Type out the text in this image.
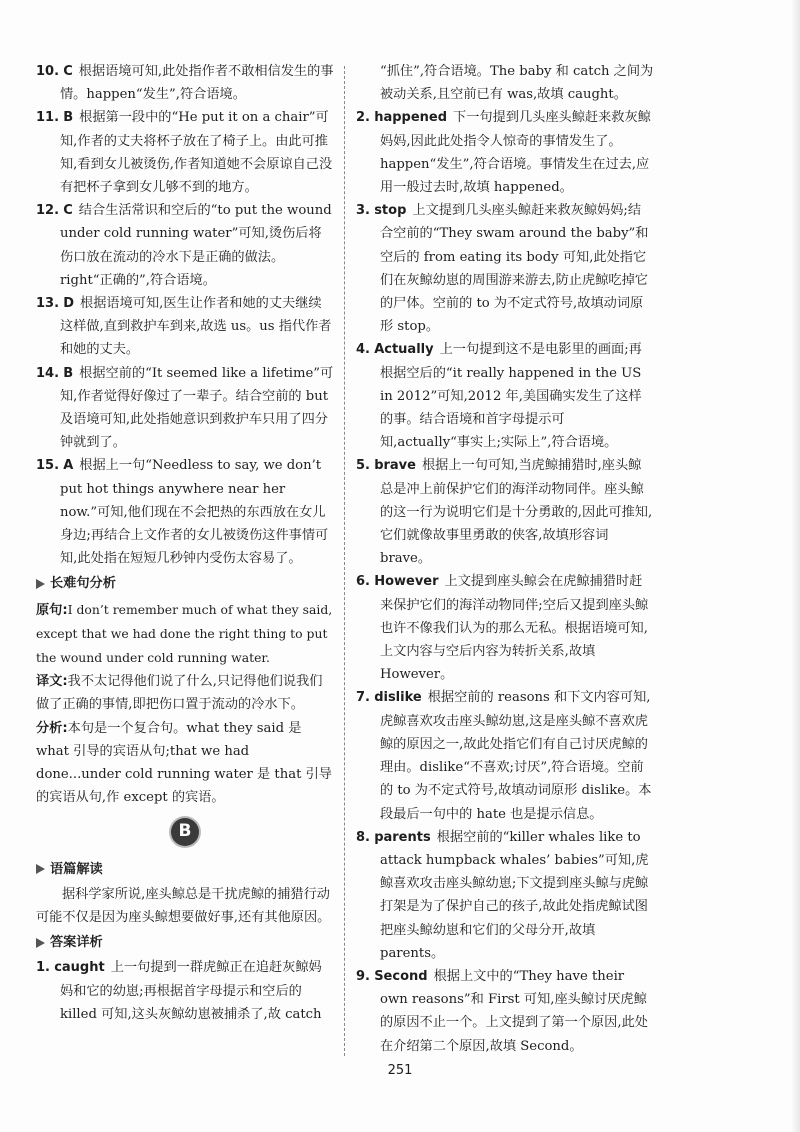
10. C 根据语境可知,此处指作者不敢相信发生的事情。happen“发生”,符合语境。

11. B 根据第一段中的“He put it on a chair”可知,作者的丈夫将杯子放在了椅子上。由此可推知,看到女儿被烫伤,作者知道她不会原谅自己没有把杯子拿到女儿够不到的地方。

12. C 结合生活常识和空后的“to put the wound under cold running water”可知,烫伤后将伤口放在流动的冷水下是正确的做法。right“正确的”,符合语境。

13. D 根据语境可知,医生让作者和她的丈夫继续这样做,直到救护车到来,故选 us。us 指代作者和她的丈夫。

14. B 根据空前的“It seemed like a lifetime”可知,作者觉得好像过了一辈子。结合空前的 but 及语境可知,此处指她意识到救护车只用了四分钟就到了。

15. A 根据上一句“Needless to say, we don’t put hot things anywhere near her now.”可知,他们现在不会把热的东西放在女儿身边;再结合上文作者的女儿被烫伤这件事情可知,此处指在短短几秒钟内受伤太容易了。

长难句分析

原句:I don’t remember much of what they said, except that we had done the right thing to put the wound under cold running water.

译文:我不太记得他们说了什么,只记得他们说我们做了正确的事情,即把伤口置于流动的冷水下。

分析:本句是一个复合句。what they said 是 what 引导的宾语从句;that we had done...under cold running water 是 that 引导的宾语从句,作 except 的宾语。

B
语篇解读

据科学家所说,座头鲸总是干扰虎鲸的捕猎行动可能不仅是因为座头鲸想要做好事,还有其他原因。

答案详析

1. caught 上一句提到一群虎鲸正在追赶灰鲸妈妈和它的幼崽;再根据首字母提示和空后的 killed 可知,这头灰鲸幼崽被捕杀了,故 catch

“抓住”,符合语境。The baby 和 catch 之间为被动关系,且空前已有 was,故填 caught。

2. happened 下一句提到几头座头鲸赶来救灰鲸妈妈,因此此处指令人惊奇的事情发生了。happen“发生”,符合语境。事情发生在过去,应用一般过去时,故填 happened。

3. stop 上文提到几头座头鲸赶来救灰鲸妈妈;结合空前的“They swam around the baby”和空后的 from eating its body 可知,此处指它们在灰鲸幼崽的周围游来游去,防止虎鲸吃掉它的尸体。空前的 to 为不定式符号,故填动词原形 stop。

4. Actually 上一句提到这不是电影里的画面;再根据空后的“it really happened in the US in 2012”可知,2012 年,美国确实发生了这样的事。结合语境和首字母提示可知,actually“事实上;实际上”,符合语境。

5. brave 根据上一句可知,当虎鲸捕猎时,座头鲸总是冲上前保护它们的海洋动物同伴。座头鲸的这一行为说明它们是十分勇敢的,因此可推知,它们就像故事里勇敢的侠客,故填形容词 brave。

6. However 上文提到座头鲸会在虎鲸捕猎时赶来保护它们的海洋动物同伴;空后又提到座头鲸也许不像我们认为的那么无私。根据语境可知,上文内容与空后内容为转折关系,故填 However。

7. dislike 根据空前的 reasons 和下文内容可知,虎鲸喜欢攻击座头鲸幼崽,这是座头鲸不喜欢虎鲸的原因之一,故此处指它们有自己讨厌虎鲸的理由。dislike“不喜欢;讨厌”,符合语境。空前的 to 为不定式符号,故填动词原形 dislike。本段最后一句中的 hate 也是提示信息。

8. parents 根据空前的“killer whales like to attack humpback whales’ babies”可知,虎鲸喜欢攻击座头鲸幼崽;下文提到座头鲸与虎鲸打架是为了保护自己的孩子,故此处指虎鲸试图把座头鲸幼崽和它们的父母分开,故填 parents。

9. Second 根据上文中的“They have their own reasons”和 First 可知,座头鲸讨厌虎鲸的原因不止一个。上文提到了第一个原因,此处在介绍第二个原因,故填 Second。

251
